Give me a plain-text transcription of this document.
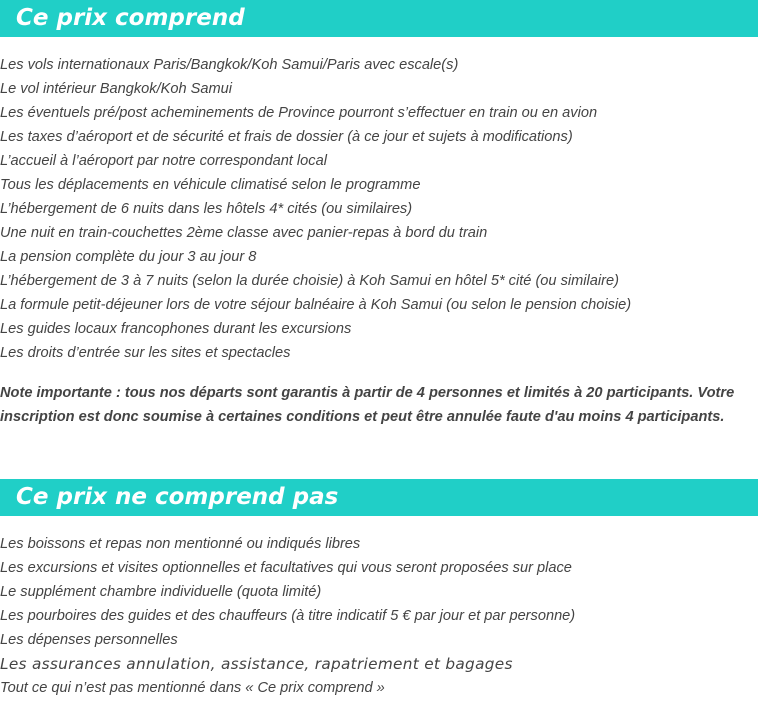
Ce prix comprend
Les vols internationaux Paris/Bangkok/Koh Samui/Paris avec escale(s)
Le vol intérieur Bangkok/Koh Samui
Les éventuels pré/post acheminements de Province pourront s’effectuer en train ou en avion
Les taxes d’aéroport et de sécurité et frais de dossier (à ce jour et sujets à modifications)
L’accueil à l’aéroport par notre correspondant local
Tous les déplacements en véhicule climatisé selon le programme
L’hébergement de 6 nuits dans les hôtels 4* cités (ou similaires)
Une nuit en train-couchettes 2ème classe avec panier-repas à bord du train
La pension complète du jour 3 au jour 8
L’hébergement de 3 à 7 nuits (selon la durée choisie) à Koh Samui en hôtel 5* cité (ou similaire)
La formule petit-déjeuner lors de votre séjour balnéaire à Koh Samui (ou selon le pension choisie)
Les guides locaux francophones durant les excursions
Les droits d’entrée sur les sites et spectacles

Note importante : tous nos départs sont garantis à partir de 4 personnes et limités à 20 participants. Votre
inscription est donc soumise à certaines conditions et peut être annulée faute d'au moins 4 participants.

Ce prix ne comprend pas
Les boissons et repas non mentionné ou indiqués libres
Les excursions et visites optionnelles et facultatives qui vous seront proposées sur place
Le supplément chambre individuelle (quota limité)
Les pourboires des guides et des chauffeurs (à titre indicatif 5 € par jour et par personne)
Les dépenses personnelles
Les assurances annulation, assistance, rapatriement et bagages
Tout ce qui n’est pas mentionné dans « Ce prix comprend »
